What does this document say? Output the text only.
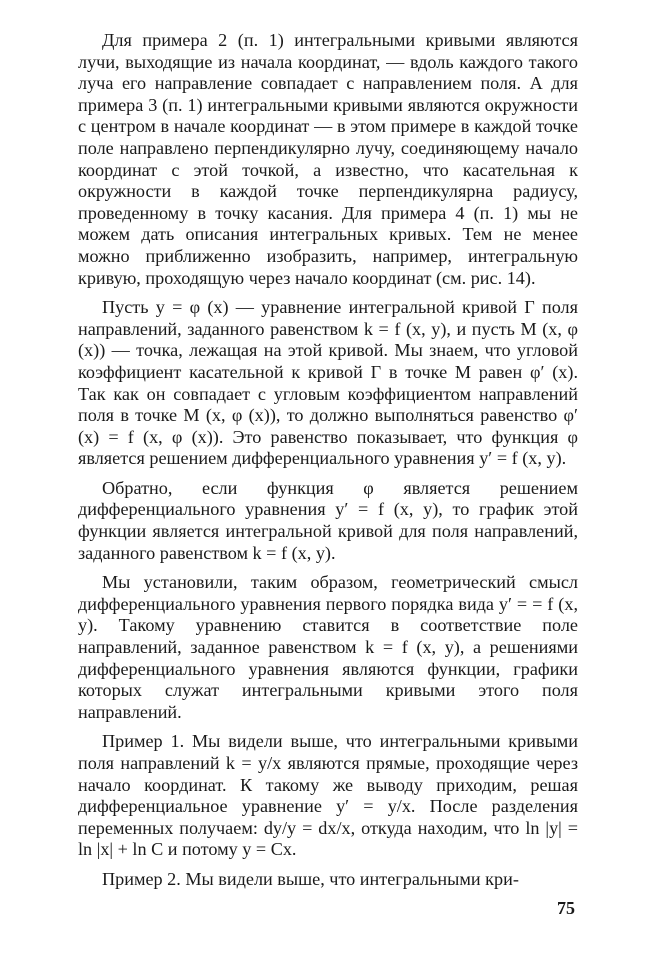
Для примера 2 (п. 1) интегральными кривыми являются лучи, выходящие из начала координат, — вдоль каждого такого луча его направление совпадает с направлением поля. А для примера 3 (п. 1) интегральными кривыми являются окружности с центром в начале координат — в этом примере в каждой точке поле направлено перпендикулярно лучу, соединяющему начало координат с этой точкой, а известно, что касательная к окружности в каждой точке перпендикулярна радиусу, проведенному в точку касания. Для примера 4 (п. 1) мы не можем дать описания интегральных кривых. Тем не менее можно приближенно изобразить, например, интегральную кривую, проходящую через начало координат (см. рис. 14).

Пусть y = φ (x) — уравнение интегральной кривой Γ поля направлений, заданного равенством k = f (x, y), и пусть M (x, φ (x)) — точка, лежащая на этой кривой. Мы знаем, что угловой коэффициент касательной к кривой Γ в точке M равен φ′ (x). Так как он совпадает с угловым коэффициентом направлений поля в точке M (x, φ (x)), то должно выполняться равенство φ′ (x) = f (x, φ (x)). Это равенство показывает, что функция φ является решением дифференциального уравнения y′ = f (x, y).

Обратно, если функция φ является решением дифференциального уравнения y′ = f (x, y), то график этой функции является интегральной кривой для поля направлений, заданного равенством k = f (x, y).

Мы установили, таким образом, геометрический смысл дифференциального уравнения первого порядка вида y′ = = f (x, y). Такому уравнению ставится в соответствие поле направлений, заданное равенством k = f (x, y), а решениями дифференциального уравнения являются функции, графики которых служат интегральными кривыми этого поля направлений.

Пример 1. Мы видели выше, что интегральными кривыми поля направлений k = y/x являются прямые, проходящие через начало координат. К такому же выводу приходим, решая дифференциальное уравнение y′ = y/x. После разделения переменных получаем: dy/y = dx/x, откуда находим, что ln |y| = ln |x| + ln C и потому y = Cx.

Пример 2. Мы видели выше, что интегральными кри-

75
